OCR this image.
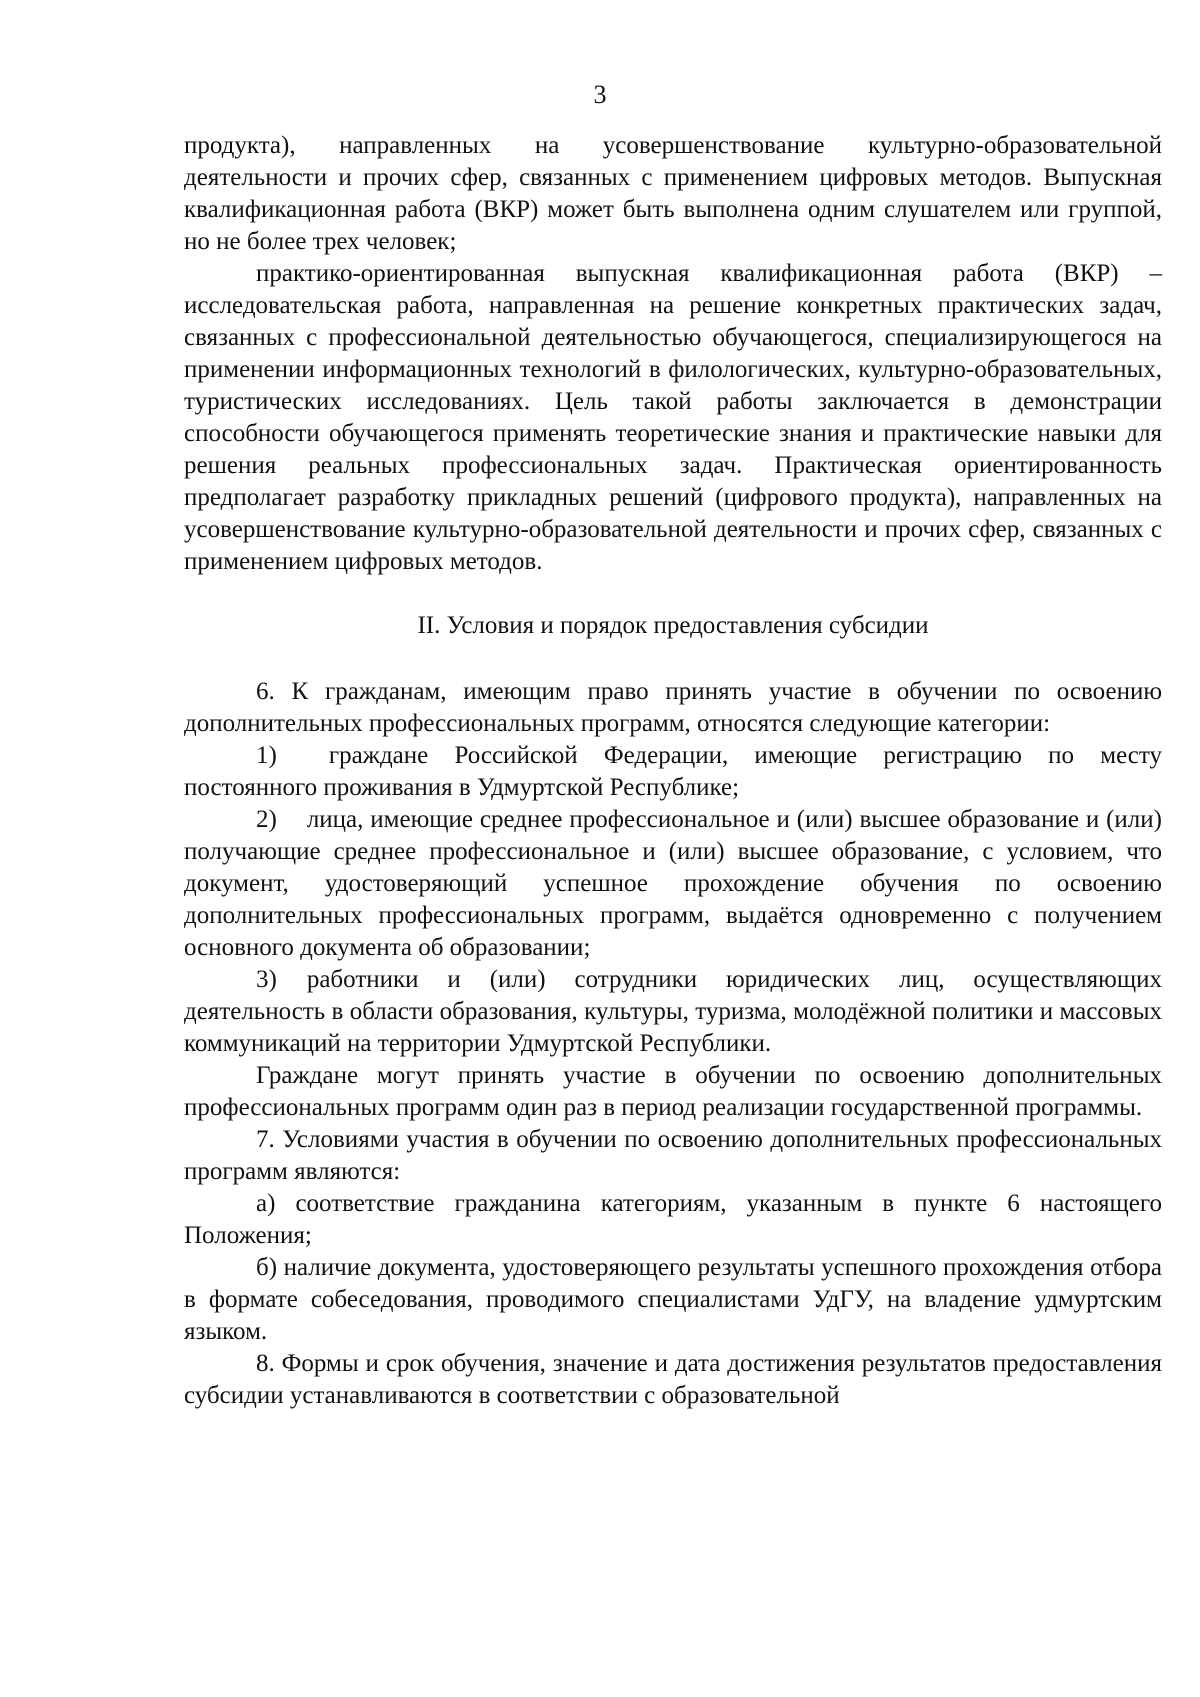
3

продукта), направленных на усовершенствование культурно-образовательной деятельности и прочих сфер, связанных с применением цифровых методов. Выпускная квалификационная работа (ВКР) может быть выполнена одним слушателем или группой, но не более трех человек;

практико-ориентированная выпускная квалификационная работа (ВКР) – исследовательская работа, направленная на решение конкретных практических задач, связанных с профессиональной деятельностью обучающегося, специализирующегося на применении информационных технологий в филологических, культурно-образовательных, туристических исследованиях. Цель такой работы заключается в демонстрации способности обучающегося применять теоретические знания и практические навыки для решения реальных профессиональных задач. Практическая ориентированность предполагает разработку прикладных решений (цифрового продукта), направленных на усовершенствование культурно-образовательной деятельности и прочих сфер, связанных с применением цифровых методов.

II. Условия и порядок предоставления субсидии

6. К гражданам, имеющим право принять участие в обучении по освоению дополнительных профессиональных программ, относятся следующие категории:

1) граждане Российской Федерации, имеющие регистрацию по месту постоянного проживания в Удмуртской Республике;

2) лица, имеющие среднее профессиональное и (или) высшее образование и (или) получающие среднее профессиональное и (или) высшее образование, с условием, что документ, удостоверяющий успешное прохождение обучения по освоению дополнительных профессиональных программ, выдаётся одновременно с получением основного документа об образовании;

3) работники и (или) сотрудники юридических лиц, осуществляющих деятельность в области образования, культуры, туризма, молодёжной политики и массовых коммуникаций на территории Удмуртской Республики.

Граждане могут принять участие в обучении по освоению дополнительных профессиональных программ один раз в период реализации государственной программы.

7. Условиями участия в обучении по освоению дополнительных профессиональных программ являются:

а) соответствие гражданина категориям, указанным в пункте 6 настоящего Положения;

б) наличие документа, удостоверяющего результаты успешного прохождения отбора в формате собеседования, проводимого специалистами УдГУ, на владение удмуртским языком.

8. Формы и срок обучения, значение и дата достижения результатов предоставления субсидии устанавливаются в соответствии с образовательной
